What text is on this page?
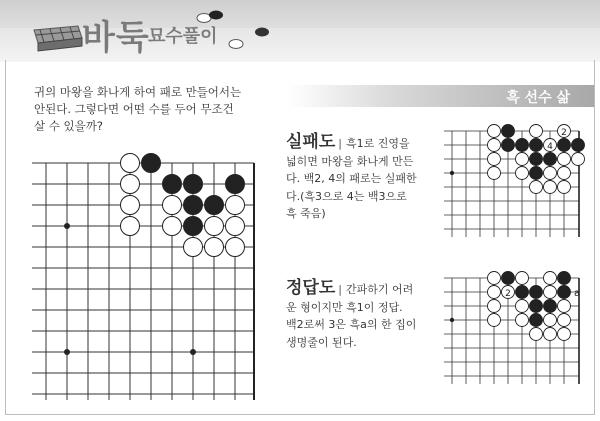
바둑
묘수풀이
귀의 마왕을 화나게 하여 패로 만들어서는
안된다. 그렇다면 어떤 수를 두어 무조건
살 수 있을까?
흑 선수 삶
실패도 | 흑1로 진영을
넓히면 마왕을 화나게 만든
다. 백2, 4의 패로는 실패한
다.(흑3으로 4는 백3으로
흑 죽음)
정답도 | 간파하기 어려
운 형이지만 흑1이 정답.
백2로써 3은 흑a의 한 집이
생명줄이 된다.
2
4
2	a
